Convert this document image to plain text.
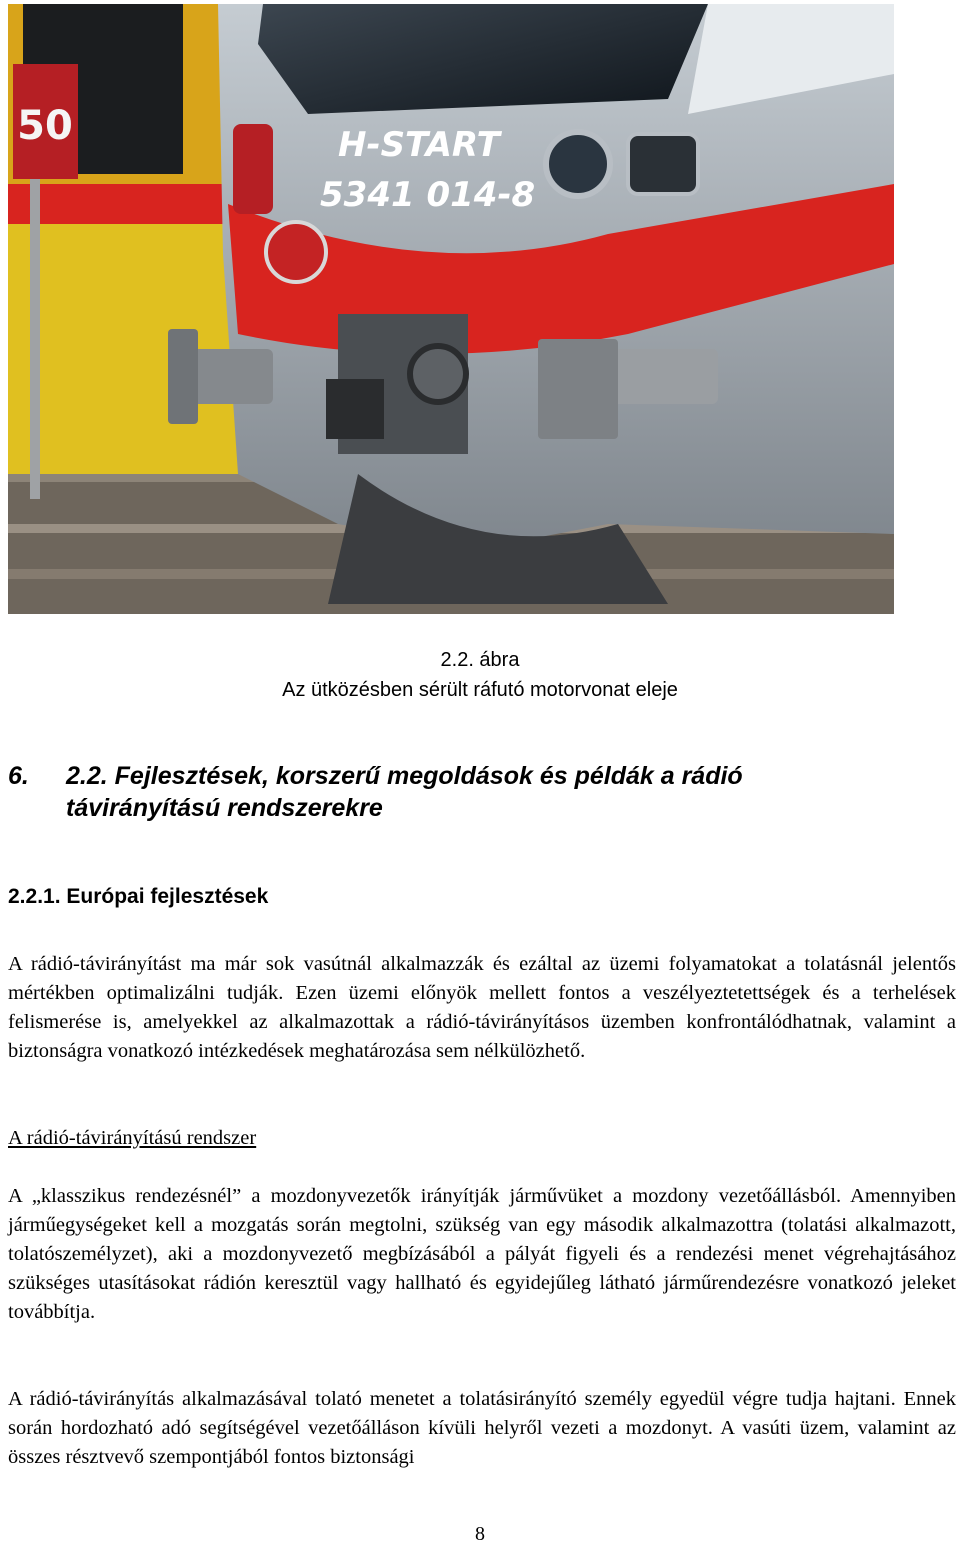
50	H-START
5341 014-8
2.2. ábra
Az ütközésben sérült ráfutó motorvonat eleje
6. 2.2. Fejlesztések, korszerű megoldások és példák a rádió
távirányítású rendszerekre
2.2.1. Európai fejlesztések

A rádió-távirányítást ma már sok vasútnál alkalmazzák és ezáltal az üzemi folyamatokat a tolatásnál jelentős mértékben optimalizálni tudják. Ezen üzemi előnyök mellett fontos a veszélyeztetettségek és a terhelések felismerése is, amelyekkel az alkalmazottak a rádió-távirányításos üzemben konfrontálódhatnak, valamint a biztonságra vonatkozó intézkedések meghatározása sem nélkülözhető.

A rádió-távirányítású rendszer

A „klasszikus rendezésnél” a mozdonyvezetők irányítják járművüket a mozdony vezetőállásból. Amennyiben járműegységeket kell a mozgatás során megtolni, szükség van egy második alkalmazottra (tolatási alkalmazott, tolatószemélyzet), aki a mozdonyvezető megbízásából a pályát figyeli és a rendezési menet végrehajtásához szükséges utasításokat rádión keresztül vagy hallható és egyidejűleg látható járműrendezésre vonatkozó jeleket továbbítja.

A rádió-távirányítás alkalmazásával tolató menetet a tolatásirányító személy egyedül végre tudja hajtani. Ennek során hordozható adó segítségével vezetőálláson kívüli helyről vezeti a mozdonyt. A vasúti üzem, valamint az összes résztvevő szempontjából fontos biztonsági

8
